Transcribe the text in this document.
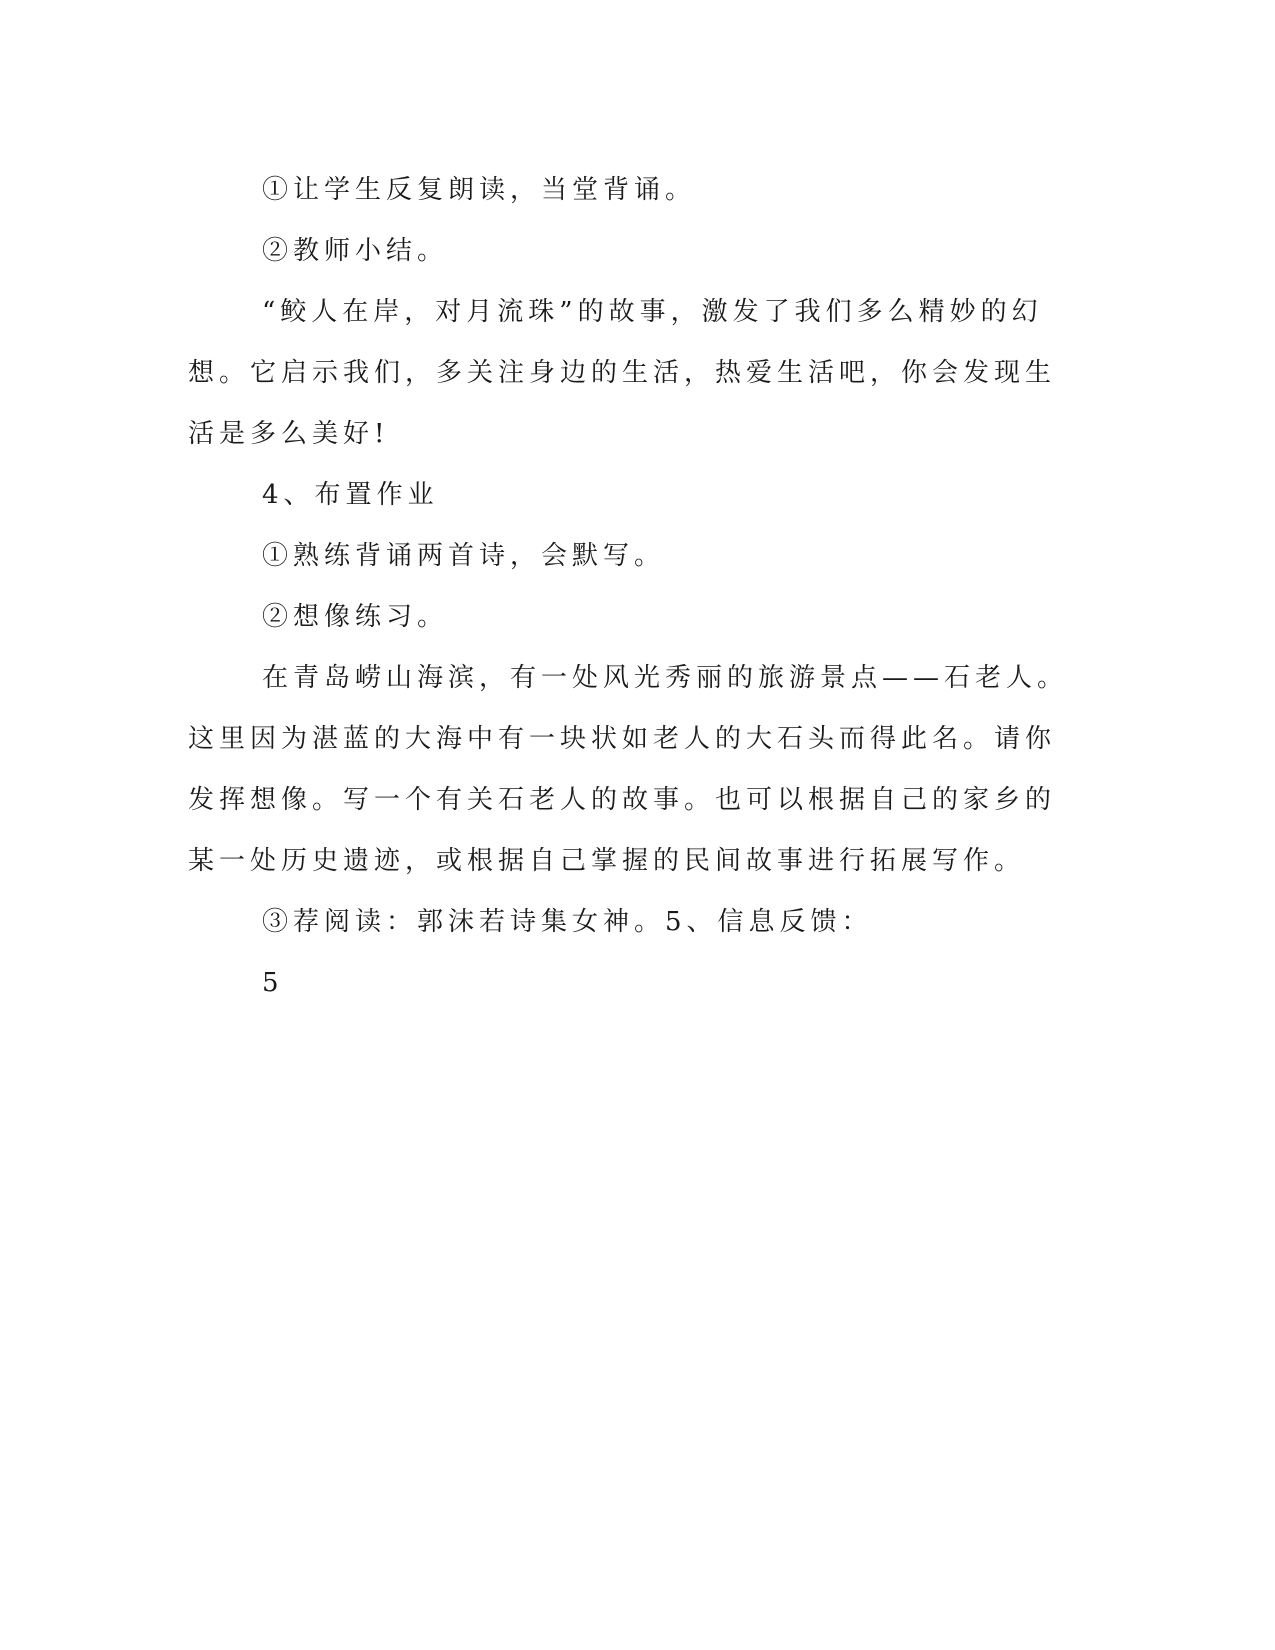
①让学生反复朗读，当堂背诵。

②教师小结。

“鲛人在岸，对月流珠”的故事，激发了我们多么精妙的幻想。它启示我们，多关注身边的生活，热爱生活吧，你会发现生活是多么美好!

4、布置作业

①熟练背诵两首诗，会默写。

②想像练习。

在青岛崂山海滨，有一处风光秀丽的旅游景点——石老人。这里因为湛蓝的大海中有一块状如老人的大石头而得此名。请你发挥想像。写一个有关石老人的故事。也可以根据自己的家乡的某一处历史遗迹，或根据自己掌握的民间故事进行拓展写作。

③荐阅读：郭沫若诗集女神。5、信息反馈：

5
